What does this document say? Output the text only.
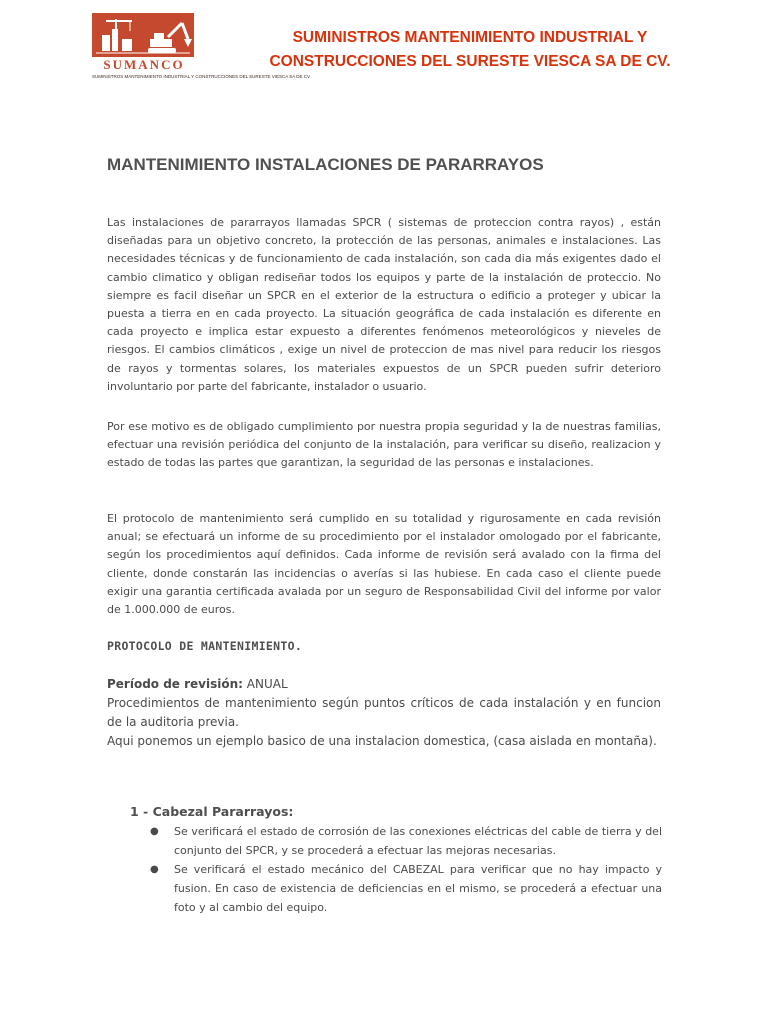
SUMANCO
SUMINISTROS MANTENIMIENTO INDUSTRIAL Y CONSTRUCCIONES DEL SURESTE VIESCA SA DE CV
SUMINISTROS MANTENIMIENTO INDUSTRIAL Y
CONSTRUCCIONES DEL SURESTE VIESCA SA DE CV.
MANTENIMIENTO INSTALACIONES DE PARARRAYOS

Las instalaciones de pararrayos llamadas SPCR ( sistemas de proteccion contra rayos) , están diseñadas para un objetivo concreto, la protección de las personas, animales e instalaciones. Las necesidades técnicas y de funcionamiento de cada instalación, son cada dia más exigentes dado el cambio climatico y obligan rediseñar todos los equipos y parte de la instalación de proteccio. No siempre es facil diseñar un SPCR en el exterior de la estructura o edificio a proteger y ubicar la puesta a tierra en en cada proyecto. La situación geográfica de cada instalación es diferente en cada proyecto e implica estar expuesto a diferentes fenómenos meteorológicos y nieveles de riesgos. El cambios climáticos , exige un nivel de proteccion de mas nivel para reducir los riesgos de rayos y tormentas solares, los materiales expuestos de un SPCR pueden sufrir deterioro involuntario por parte del fabricante, instalador o usuario.

Por ese motivo es de obligado cumplimiento por nuestra propia seguridad y la de nuestras familias, efectuar una revisión periódica del conjunto de la instalación, para verificar su diseño, realizacion y estado de todas las partes que garantizan, la seguridad de las personas e instalaciones.

El protocolo de mantenimiento será cumplido en su totalidad y rigurosamente en cada revisión anual; se efectuará un informe de su procedimiento por el instalador omologado por el fabricante, según los procedimientos aquí definidos. Cada informe de revisión será avalado con la firma del cliente, donde constarán las incidencias o averías si las hubiese. En cada caso el cliente puede exigir una garantia certificada avalada por un seguro de Responsabilidad Civil del informe por valor de 1.000.000 de euros.

PROTOCOLO DE MANTENIMIENTO.
Período de revisión: ANUAL
Procedimientos de mantenimiento según puntos críticos de cada instalación y en funcion de la auditoria previa.
Aqui ponemos un ejemplo basico de una instalacion domestica, (casa aislada en montaña).
1 - Cabezal Pararrayos:
● Se verificará el estado de corrosión de las conexiones eléctricas del cable de tierra y del conjunto del SPCR, y se procederá a efectuar las mejoras necesarias.
● Se verificará el estado mecánico del CABEZAL para verificar que no hay impacto y fusion. En caso de existencia de deficiencias en el mismo, se procederá a efectuar una foto y al cambio del equipo.
